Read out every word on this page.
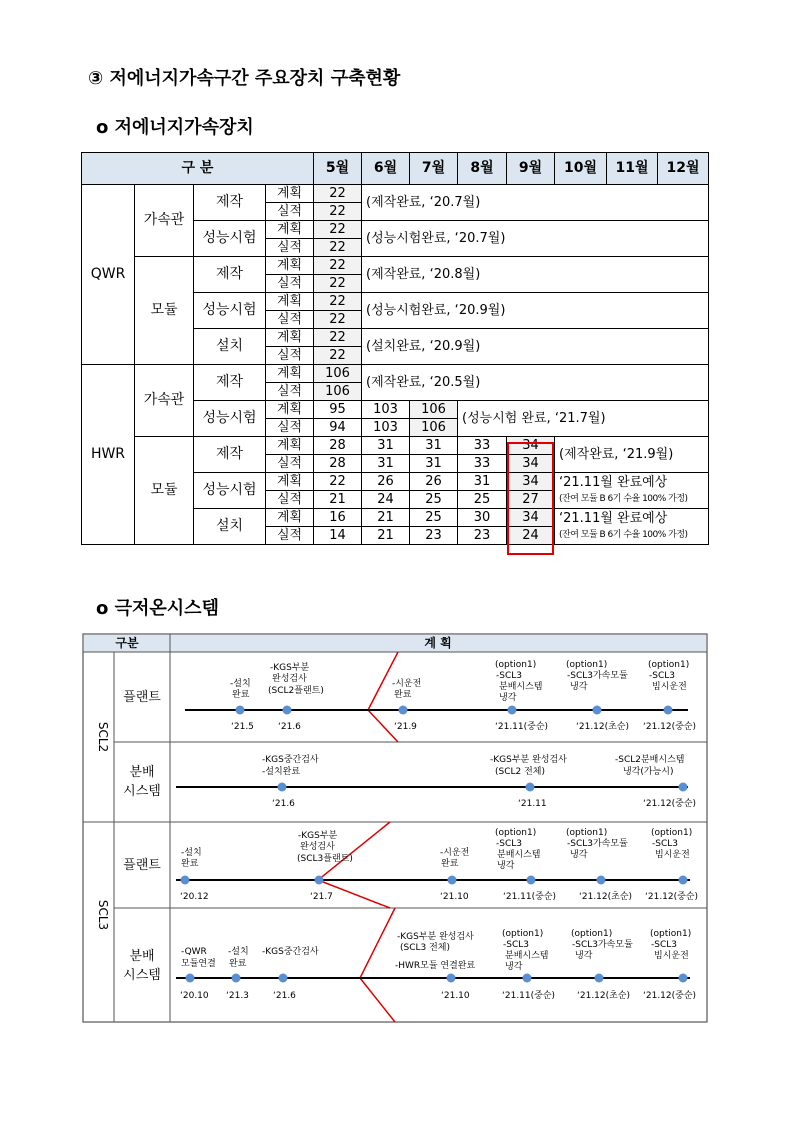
③ 저에너지가속구간 주요장치 구축현황
o 저에너지가속장치
구 분				5월	6월	7월	8월	9월	10월	11월	12월
QWR	가속관	제작	계획	22	(제작완료, ‘20.7월)						
			실적	22							
		성능시험	계획	22	(성능시험완료, ‘20.7월)						
			실적	22							
	모듈	제작	계획	22	(제작완료, ‘20.8월)						
			실적	22							
		성능시험	계획	22	(성능시험완료, ‘20.9월)						
			실적	22							
		설치	계획	22	(설치완료, ‘20.9월)						
			실적	22							
HWR	가속관	제작	계획	106	(제작완료, ‘20.5월)						
			실적	106							
		성능시험	계획	95	103	106	(성능시험 완료, ‘21.7월)				
			실적	94	103	106					
	모듈	제작	계획	28	31	31	33	34	(제작완료, ‘21.9월)		
			실적	28	31	31	33	34			
		성능시험	계획	22	26	26	31	34	‘21.11월 완료예상
(잔여 모듈 B 6기 수율 100% 가정)		

			실적	21	24	25	25	27			
		설치	계획	16	21	25	30	34	‘21.11월 완료예상
(잔여 모듈 B 6기 수율 100% 가정)		

			실적	14	21	23	23	24			
o 극저온시스템
구분	계 획
SCL2
SCL3
플랜트
분배
시스템
플랜트
분배
시스템
-설치
완료
-KGS부분
완성검사
(SCL2플랜트)
-시운전
완료
(option1)
-SCL3
분배시스템
냉각
(option1)
-SCL3가속모듈
냉각
(option1)
-SCL3
빔시운전
‘21.5	‘21.6	‘21.9	‘21.11(중순)	‘21.12(초순) ‘21.12(중순)
-KGS중간검사
-설치완료
-KGS부분 완성검사
(SCL2 전체)
-SCL2분배시스템
냉각(가능시)
‘21.6	‘21.11	‘21.12(중순)
-설치
완료
-KGS부분
완성검사
(SCL3플랜트)
-시운전
완료
(option1)
-SCL3
분배시스템
냉각
(option1)
-SCL3가속모듈
냉각
(option1)
-SCL3
빔시운전
‘20.12	‘21.7	‘21.10	‘21.11(중순)	‘21.12(초순) ‘21.12(중순)
-QWR
모듈연결
-설치
완료
-KGS중간검사
-KGS부분 완성검사
(SCL3 전체)
-HWR모듈 연결완료
(option1)
-SCL3
분배시스템
냉각
(option1)
-SCL3가속모듈
냉각
(option1)
-SCL3
빔시운전
‘20.10 ‘21.3	‘21.6	‘21.10	‘21.11(중순) ‘21.12(초순) ‘21.12(중순)
